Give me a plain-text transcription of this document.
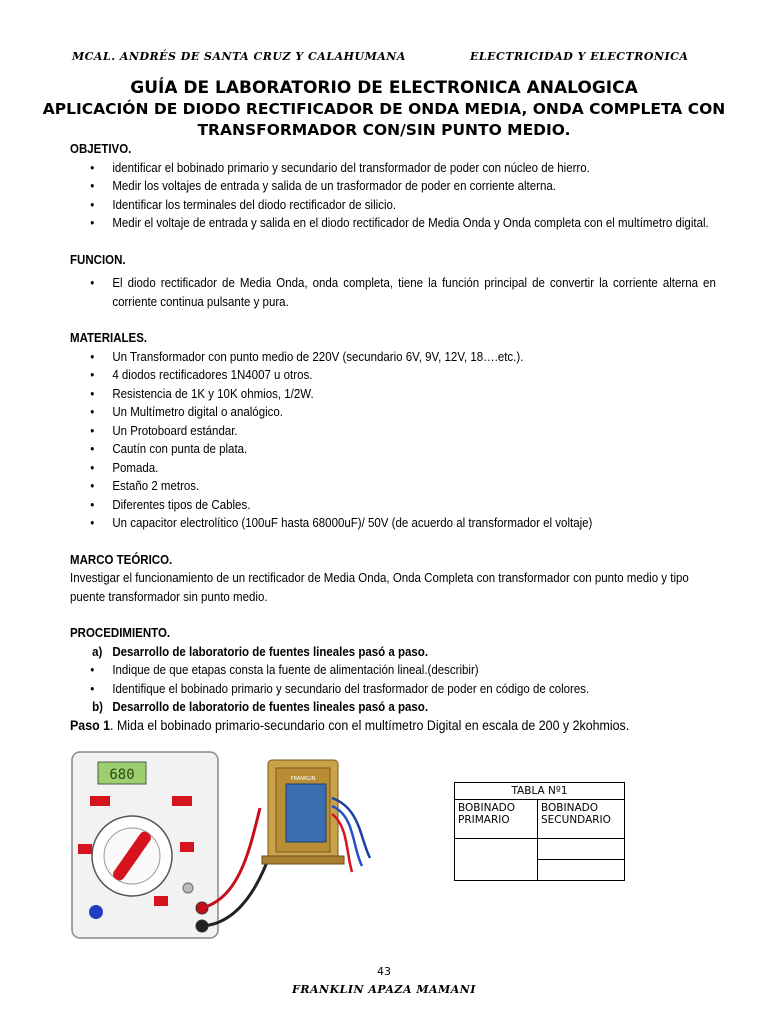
MCAL. ANDRÉS DE SANTA CRUZ Y CALAHUMANA	ELECTRICIDAD Y ELECTRONICA
GUÍA DE LABORATORIO DE ELECTRONICA ANALOGICA
APLICACIÓN DE DIODO RECTIFICADOR DE ONDA MEDIA, ONDA COMPLETA CON TRANSFORMADOR CON/SIN PUNTO MEDIO.
OBJETIVO.
• identificar el bobinado primario y secundario del transformador de poder con núcleo de hierro.
• Medir los voltajes de entrada y salida de un trasformador de poder en corriente alterna.
• Identificar los terminales del diodo rectificador de silicio.
• Medir el voltaje de entrada y salida en el diodo rectificador de Media Onda y Onda completa con el multímetro digital.
FUNCION.
• El diodo rectificador de Media Onda, onda completa, tiene la función principal de convertir la corriente alterna en corriente continua pulsante y pura.
MATERIALES.
• Un Transformador con punto medio de 220V (secundario 6V, 9V, 12V, 18….etc.).
• 4 diodos rectificadores 1N4007 u otros.
• Resistencia de 1K y 10K ohmios, 1/2W.
• Un Multímetro digital o analógico.
• Un Protoboard estándar.
• Cautín con punta de plata.
• Pomada.
• Estaño 2 metros.
• Diferentes tipos de Cables.
• Un capacitor electrolítico (100uF hasta 68000uF)/ 50V (de acuerdo al transformador el voltaje)
MARCO TEÓRICO.
Investigar el funcionamiento de un rectificador de Media Onda, Onda Completa con transformador con punto medio y tipo puente transformador sin punto medio.
PROCEDIMIENTO.
a) Desarrollo de laboratorio de fuentes lineales pasó a paso.
• Indique de que etapas consta la fuente de alimentación lineal.(describir)
• Identifique el bobinado primario y secundario del trasformador de poder en código de colores.
b) Desarrollo de laboratorio de fuentes lineales pasó a paso.
Paso 1. Mida el bobinado primario-secundario con el multímetro Digital en escala de 200 y 2kohmios.
680	FRANKLIN
TABLA Nº1	
BOBINADO PRIMARIO	BOBINADO SECUNDARIO

43
FRANKLIN APAZA MAMANI
